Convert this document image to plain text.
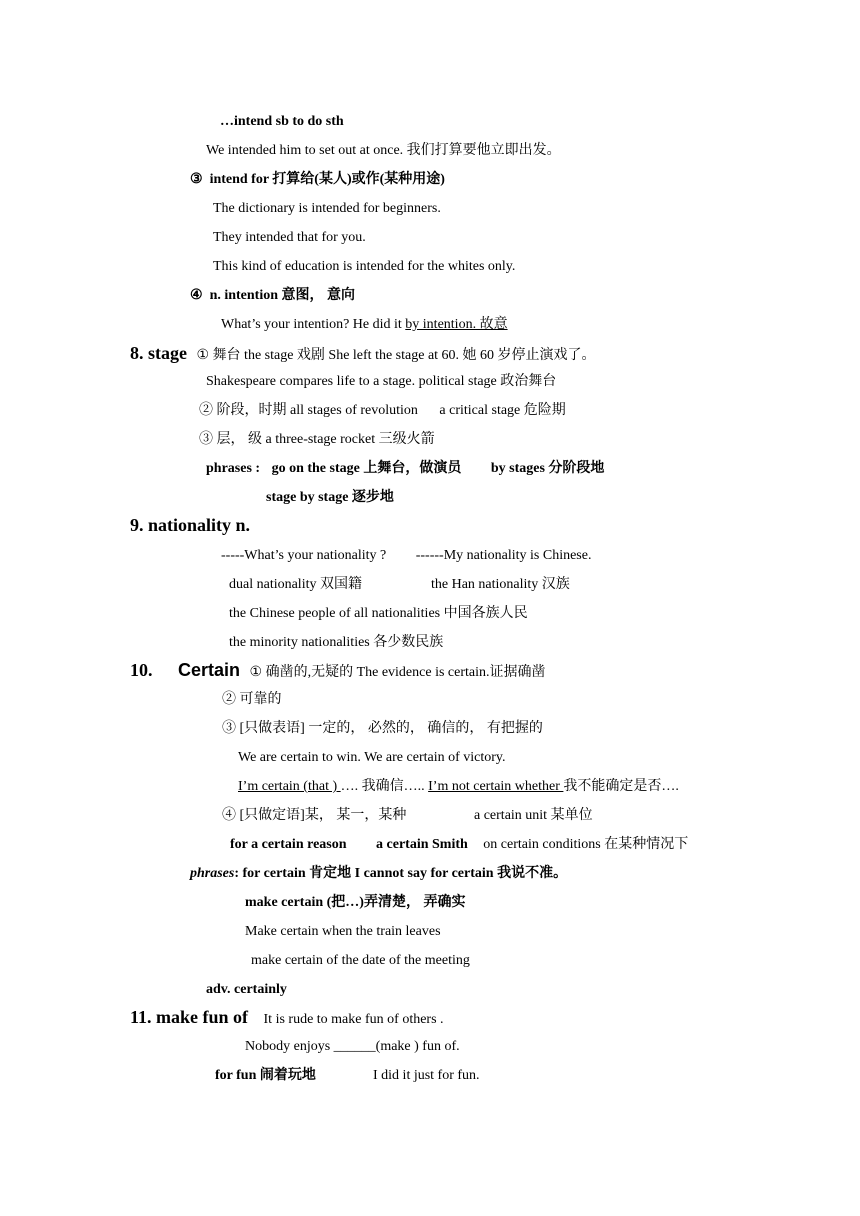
…intend sb to do sth
We intended him to set out at once. 我们打算要他立即出发。
③ intend for 打算给(某人)或作(某种用途)
The dictionary is intended for beginners.
They intended that for you.
This kind of education is intended for the whites only.
④ n. intention 意图， 意向
What’s your intention? He did it by intention. 故意
8. stage ① 舞台 the stage 戏剧 She left the stage at 60. 她 60 岁停止演戏了。
Shakespeare compares life to a stage. political stage 政治舞台
② 阶段，时期 all stages of revolution a critical stage 危险期
③ 层， 级 a three-stage rocket 三级火箭
phrases : go on the stage 上舞台，做演员 by stages 分阶段地
stage by stage 逐步地
9. nationality n.
-----What’s your nationality ? ------My nationality is Chinese.
dual nationality 双国籍	the Han nationality 汉族
the Chinese people of all nationalities 中国各族人民
the minority nationalities 各少数民族
10. Certain ① 确凿的,无疑的 The evidence is certain.证据确凿
② 可靠的
③ [只做表语] 一定的， 必然的， 确信的， 有把握的
We are certain to win. We are certain of victory.
I’m certain (that ) …. 我确信….. I’m not certain whether 我不能确定是否….
④ [只做定语]某， 某一，某种	a certain unit 某单位
for a certain reason a certain Smith on certain conditions 在某种情况下
phrases: for certain 肯定地 I cannot say for certain 我说不准。
make certain (把…)弄清楚， 弄确实
Make certain when the train leaves
make certain of the date of the meeting
adv. certainly
11. make fun of It is rude to make fun of others .
Nobody enjoys ______(make ) fun of.
for fun 闹着玩地	I did it just for fun.
